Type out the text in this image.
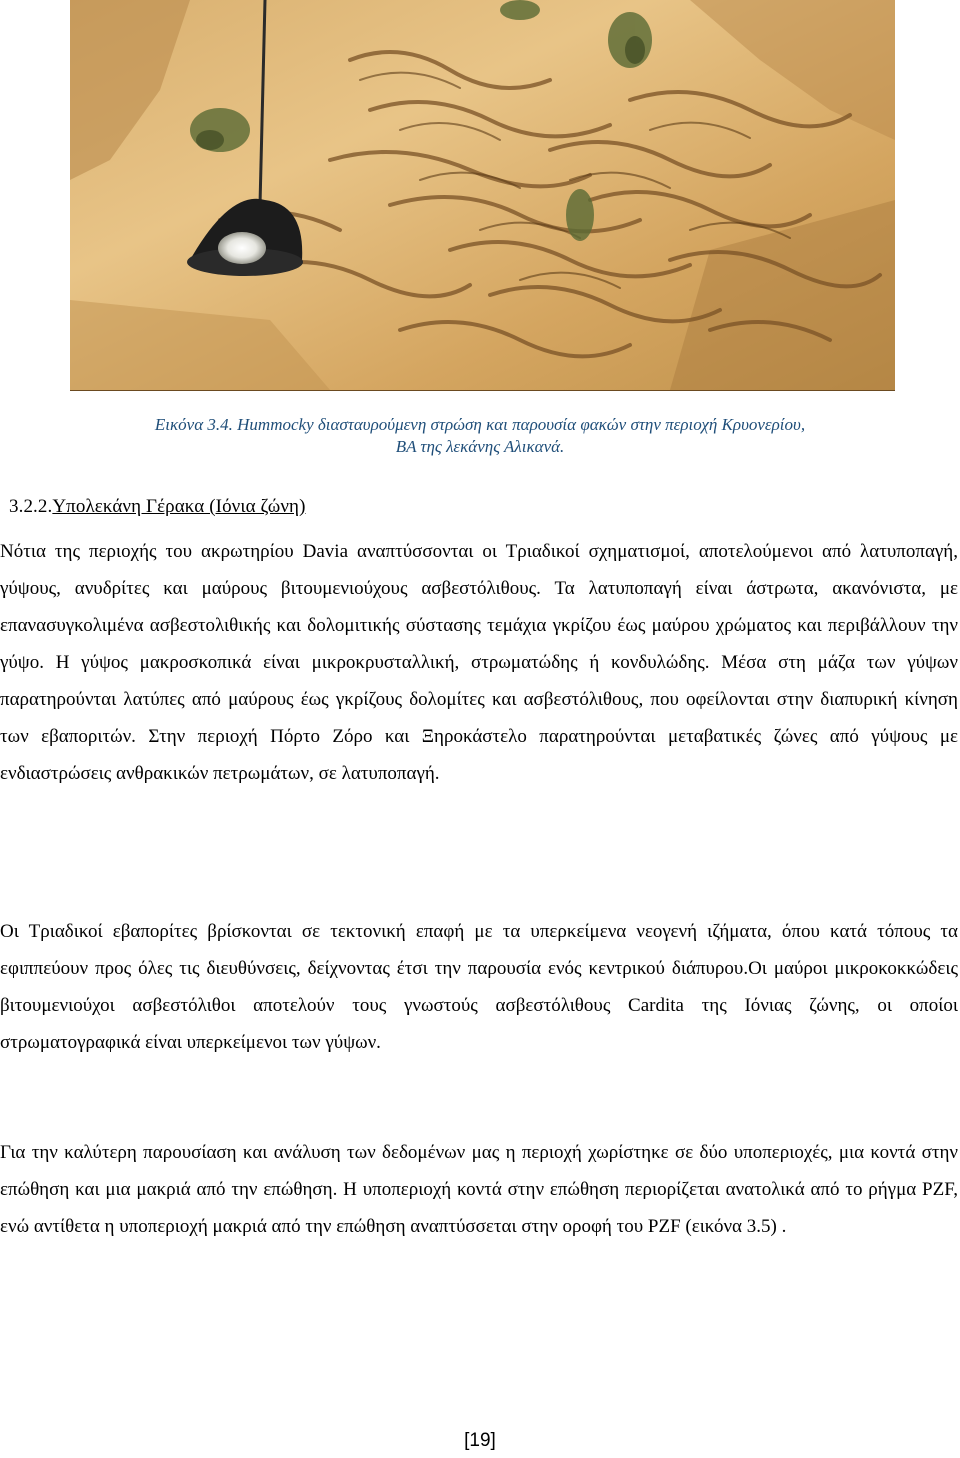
Εικόνα 3.4. Hummocky διασταυρούμενη στρώση και παρουσία φακών στην περιοχή Κρυονερίου,
ΒΑ της λεκάνης Αλικανά.
3.2.2.Υπολεκάνη Γέρακα (Ιόνια ζώνη)

Νότια της περιοχής του ακρωτηρίου Davia αναπτύσσονται οι Τριαδικοί σχηματισμοί, αποτελούμενοι από λατυποπαγή, γύψους, ανυδρίτες και μαύρους βιτουμενιούχους ασβεστόλιθους. Τα λατυποπαγή είναι άστρωτα, ακανόνιστα, με επανασυγκολιμένα ασβεστολιθικής και δολομιτικής σύστασης τεμάχια γκρίζου έως μαύρου χρώματος και περιβάλλουν την γύψο. Η γύψος μακροσκοπικά είναι μικροκρυσταλλική, στρωματώδης ή κονδυλώδης. Μέσα στη μάζα των γύψων παρατηρούνται λατύπες από μαύρους έως γκρίζους δολομίτες και ασβεστόλιθους, που οφείλονται στην διαπυρική κίνηση των εβαποριτών. Στην περιοχή Πόρτο Ζόρο και Ξηροκάστελο παρατηρούνται μεταβατικές ζώνες από γύψους με ενδιαστρώσεις ανθρακικών πετρωμάτων, σε λατυποπαγή.

Οι Τριαδικοί εβαπορίτες βρίσκονται σε τεκτονική επαφή με τα υπερκείμενα νεογενή ιζήματα, όπου κατά τόπους τα εφιππεύουν προς όλες τις διευθύνσεις, δείχνοντας έτσι την παρουσία ενός κεντρικού διάπυρου.Οι μαύροι μικροκοκκώδεις βιτουμενιούχοι ασβεστόλιθοι αποτελούν τους γνωστούς ασβεστόλιθους Cardita της Ιόνιας ζώνης, οι οποίοι στρωματογραφικά είναι υπερκείμενοι των γύψων.

Για την καλύτερη παρουσίαση και ανάλυση των δεδομένων μας η περιοχή χωρίστηκε σε δύο υποπεριοχές, μια κοντά στην επώθηση και μια μακριά από την επώθηση. Η υποπεριοχή κοντά στην επώθηση περιορίζεται ανατολικά από το ρήγμα PZF, ενώ αντίθετα η υποπεριοχή μακριά από την επώθηση αναπτύσσεται στην οροφή του PZF (εικόνα 3.5) .

[19]
